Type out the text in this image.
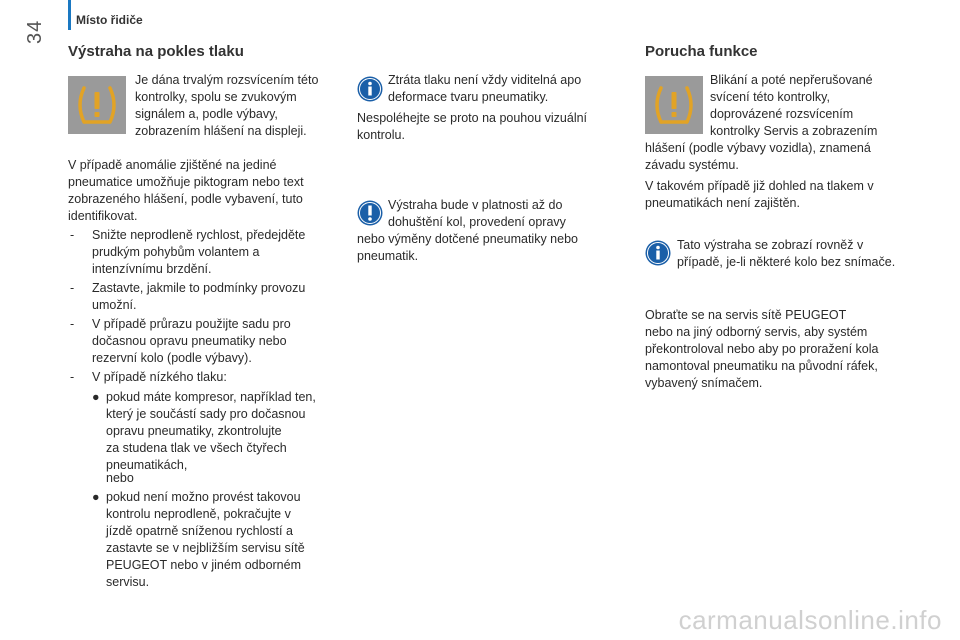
34	Místo řidiče
Výstraha na pokles tlaku

Je dána trvalým rozsvícením této

kontrolky, spolu se zvukovým

signálem a, podle výbavy,

zobrazením hlášení na displeji.

V případě anomálie zjištěné na jediné

pneumatice umožňuje piktogram nebo text

zobrazeného hlášení, podle vybavení, tuto

identifikovat.

- Snižte neprodleně rychlost, předejděte
prudkým pohybům volantem a
intenzívnímu brzdění.
- Zastavte, jakmile to podmínky provozu
umožní.
- V případě průrazu použijte sadu pro
dočasnou opravu pneumatiky nebo
rezervní kolo (podle výbavy).
- V případě nízkého tlaku:
● pokud máte kompresor, například ten,
který je součástí sady pro dočasnou
opravu pneumatiky, zkontrolujte
za studena tlak ve všech čtyřech
pneumatikách,

nebo

● pokud není možno provést takovou
kontrolu neprodleně, pokračujte v
jízdě opatrně sníženou rychlostí a
zastavte se v nejbližším servisu sítě
PEUGEOT nebo v jiném odborném
servisu.

Ztráta tlaku není vždy viditelná apo

deformace tvaru pneumatiky.

Nespoléhejte se proto na pouhou vizuální

kontrolu.

Výstraha bude v platnosti až do

dohuštění kol, provedení opravy

nebo výměny dotčené pneumatiky nebo

pneumatik.

Porucha funkce

Blikání a poté nepřerušované

svícení této kontrolky,

doprovázené rozsvícením

kontrolky Servis a zobrazením

hlášení (podle výbavy vozidla), znamená

závadu systému.

V takovém případě již dohled na tlakem v

pneumatikách není zajištěn.

Tato výstraha se zobrazí rovněž v

případě, je-li některé kolo bez snímače.

Obraťte se na servis sítě PEUGEOT

nebo na jiný odborný servis, aby systém

překontroloval nebo aby po proražení kola

namontoval pneumatiku na původní ráfek,

vybavený snímačem.

carmanualsonline.info
